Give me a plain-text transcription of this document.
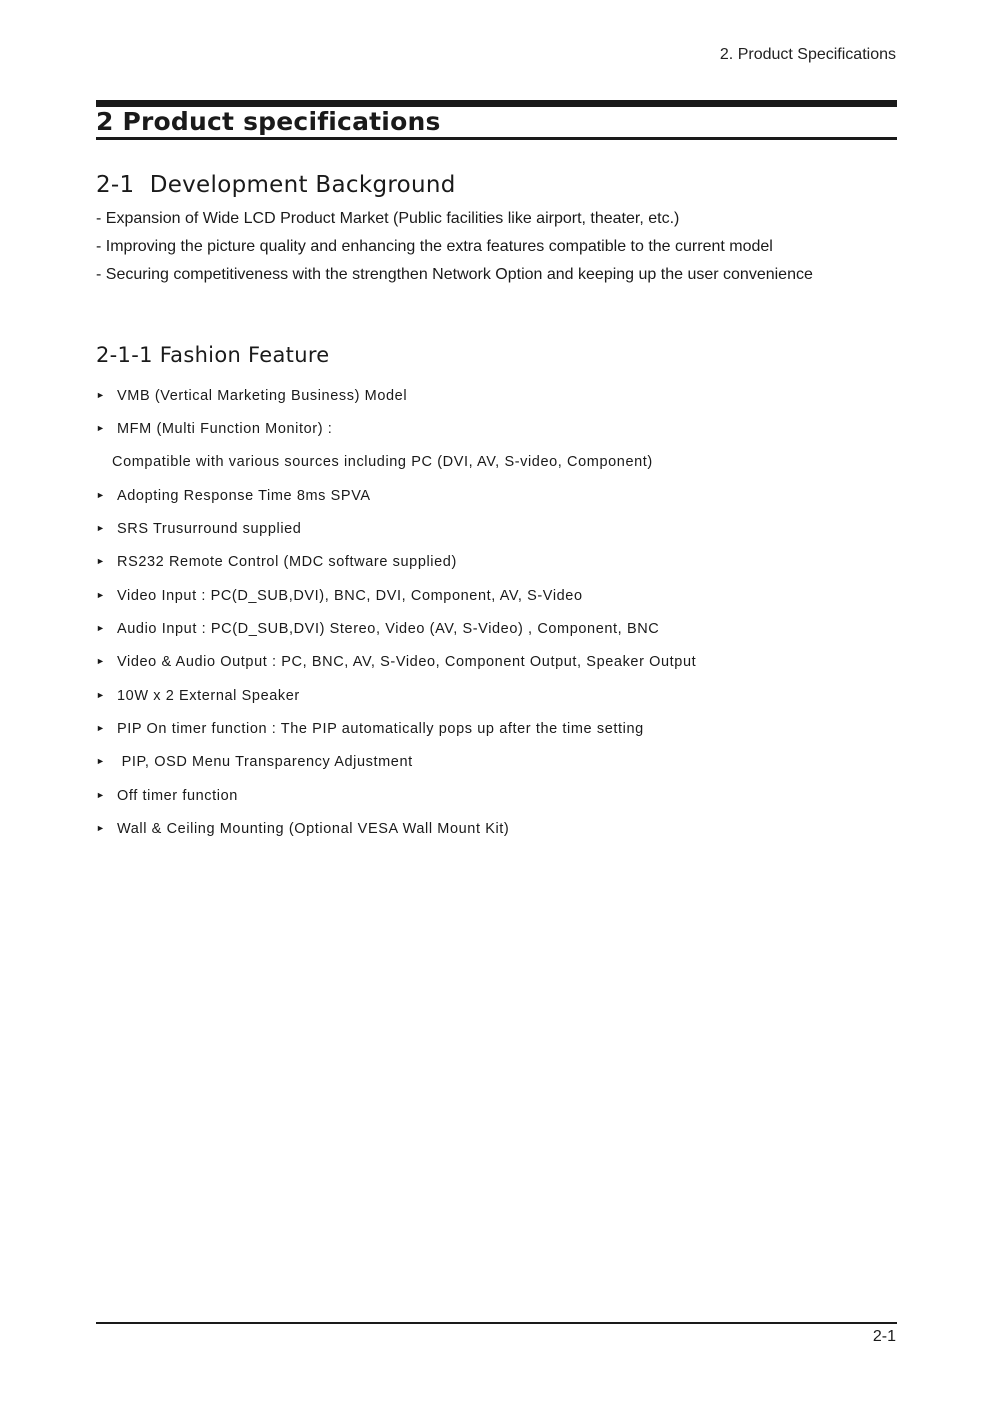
2. Product Specifications
2 Product specifications
2-1  Development Background
- Expansion of Wide LCD Product Market (Public facilities like airport, theater, etc.)
- Improving the picture quality and enhancing the extra features compatible to the current model
- Securing competitiveness with the strengthen Network Option and keeping up the user convenience
2-1-1 Fashion Feature
► VMB (Vertical Marketing Business) Model
► MFM (Multi Function Monitor) :
Compatible with various sources including PC (DVI, AV, S-video, Component)
► Adopting Response Time 8ms SPVA
► SRS Trusurround supplied
► RS232 Remote Control (MDC software supplied)
► Video Input : PC(D_SUB,DVI), BNC, DVI, Component, AV, S-Video
► Audio Input : PC(D_SUB,DVI) Stereo, Video (AV, S-Video) , Component, BNC
► Video & Audio Output : PC, BNC, AV, S-Video, Component Output, Speaker Output
► 10W x 2 External Speaker
► PIP On timer function : The PIP automatically pops up after the time setting
► PIP, OSD Menu Transparency Adjustment
► Off timer function
► Wall & Ceiling Mounting (Optional VESA Wall Mount Kit)
2-1
